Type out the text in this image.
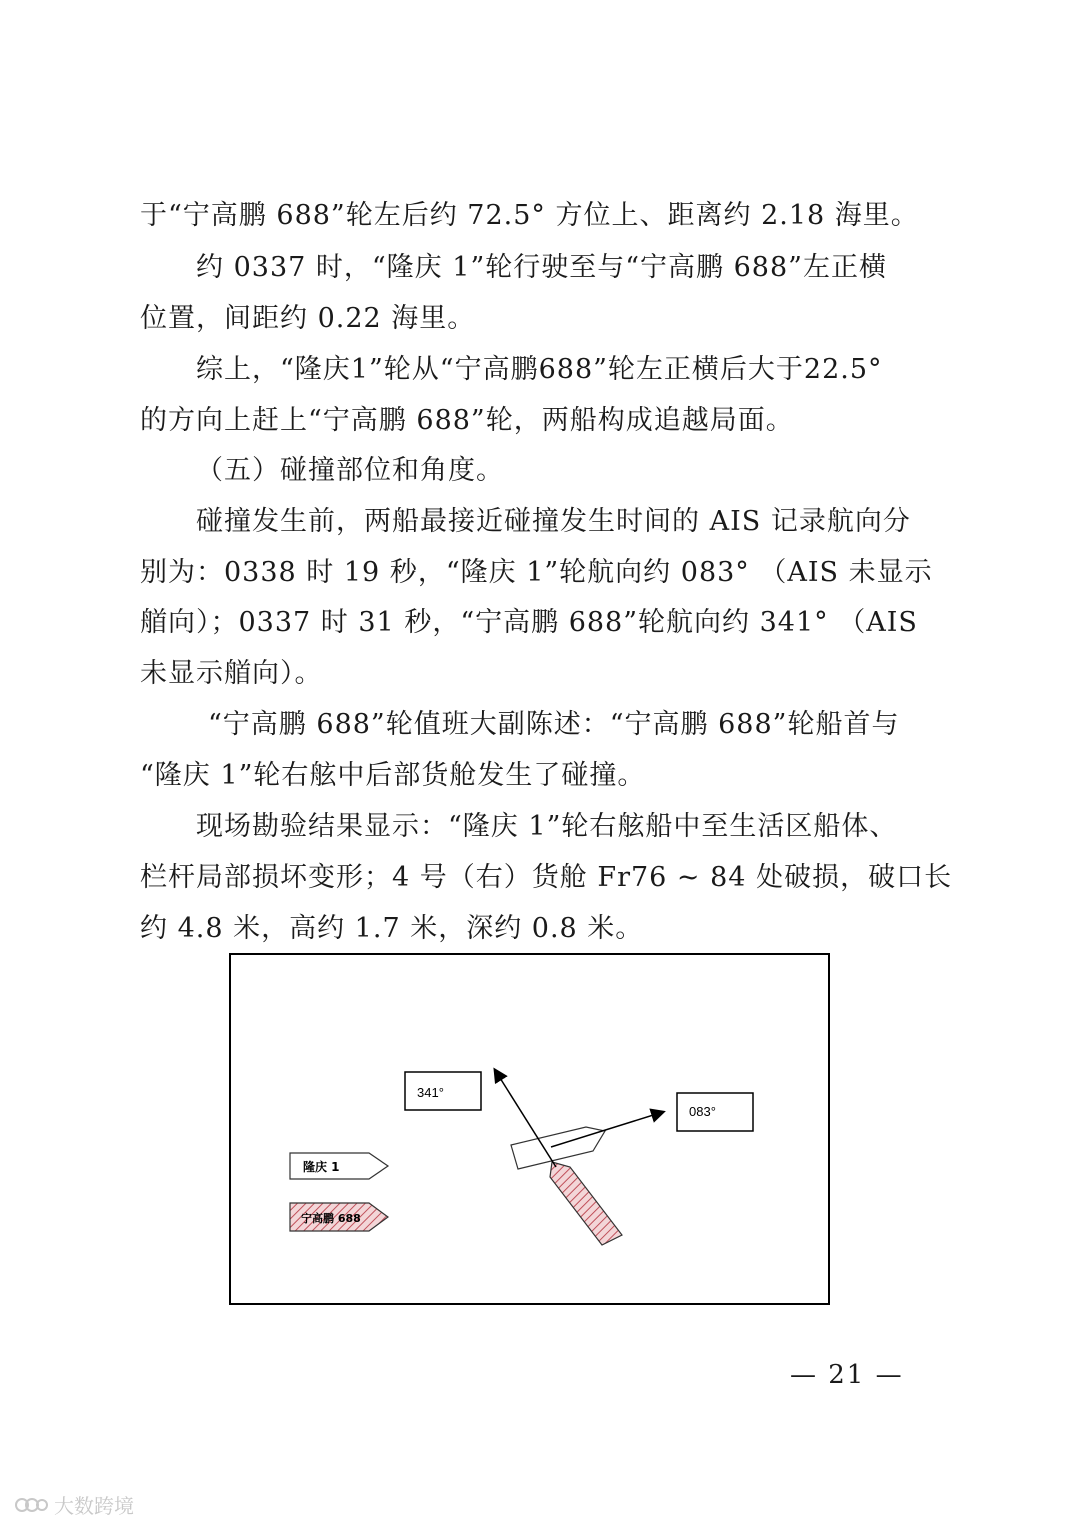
于“宁高鹏 688”轮左后约 72.5° 方位上、距离约 2.18 海里。
约 0337 时，“隆庆 1”轮行驶至与“宁高鹏 688”左正横
位置，间距约 0.22 海里。
综上，“隆庆1”轮从“宁高鹏688”轮左正横后大于22.5°
的方向上赶上“宁高鹏 688”轮，两船构成追越局面。
（五）碰撞部位和角度。
碰撞发生前，两船最接近碰撞发生时间的 AIS 记录航向分
别为：0338 时 19 秒，“隆庆 1”轮航向约 083° （AIS 未显示
艏向）；0337 时 31 秒，“宁高鹏 688”轮航向约 341° （AIS
未显示艏向）。
“宁高鹏 688”轮值班大副陈述：“宁高鹏 688”轮船首与
“隆庆 1”轮右舷中后部货舱发生了碰撞。
现场勘验结果显示：“隆庆 1”轮右舷船中至生活区船体、
栏杆局部损坏变形；4 号（右）货舱 Fr76 ~ 84 处破损，破口长
约 4.8 米，高约 1.7 米，深约 0.8 米。
341°
083°
隆庆 1
宁高鹏 688
— 21 —
大数跨境
